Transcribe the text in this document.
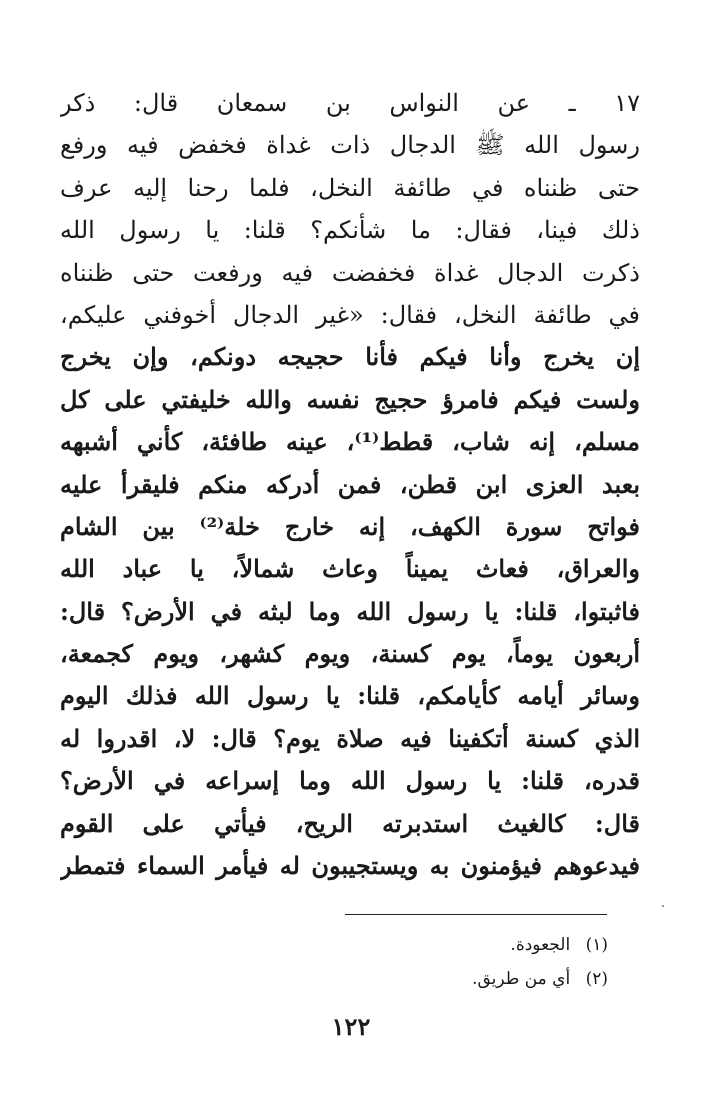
١٧ ـ عن النواس بن سمعان قال: ذكر
رسول الله ﷺ الدجال ذات غداة فخفض فيه ورفع
حتى ظنناه في طائفة النخل، فلما رحنا إليه عرف
ذلك فينا، فقال: ما شأنكم؟ قلنا: يا رسول الله
ذكرت الدجال غداة فخفضت فيه ورفعت حتى ظنناه
في طائفة النخل، فقال: «غير الدجال أخوفني عليكم،
إن يخرج وأنا فيكم فأنا حجيجه دونكم، وإن يخرج
ولست فيكم فامرؤ حجيج نفسه والله خليفتي على كل
مسلم، إنه شاب، قطط⁽¹⁾، عينه طافئة، كأني أشبهه
بعبد العزى ابن قطن، فمن أدركه منكم فليقرأ عليه
فواتح سورة الكهف، إنه خارج خلة⁽²⁾ بين الشام
والعراق، فعاث يميناً وعاث شمالاً، يا عباد الله
فاثبتوا، قلنا: يا رسول الله وما لبثه في الأرض؟ قال:
أربعون يوماً، يوم كسنة، ويوم كشهر، ويوم كجمعة،
وسائر أيامه كأيامكم، قلنا: يا رسول الله فذلك اليوم
الذي كسنة أتكفينا فيه صلاة يوم؟ قال: لا، اقدروا له
قدره، قلنا: يا رسول الله وما إسراعه في الأرض؟
قال: كالغيث استدبرته الريح، فيأتي على القوم
فيدعوهم فيؤمنون به ويستجيبون له فيأمر السماء فتمطر
(١) الجعودة.
(٢) أي من طريق.
١٢٢
